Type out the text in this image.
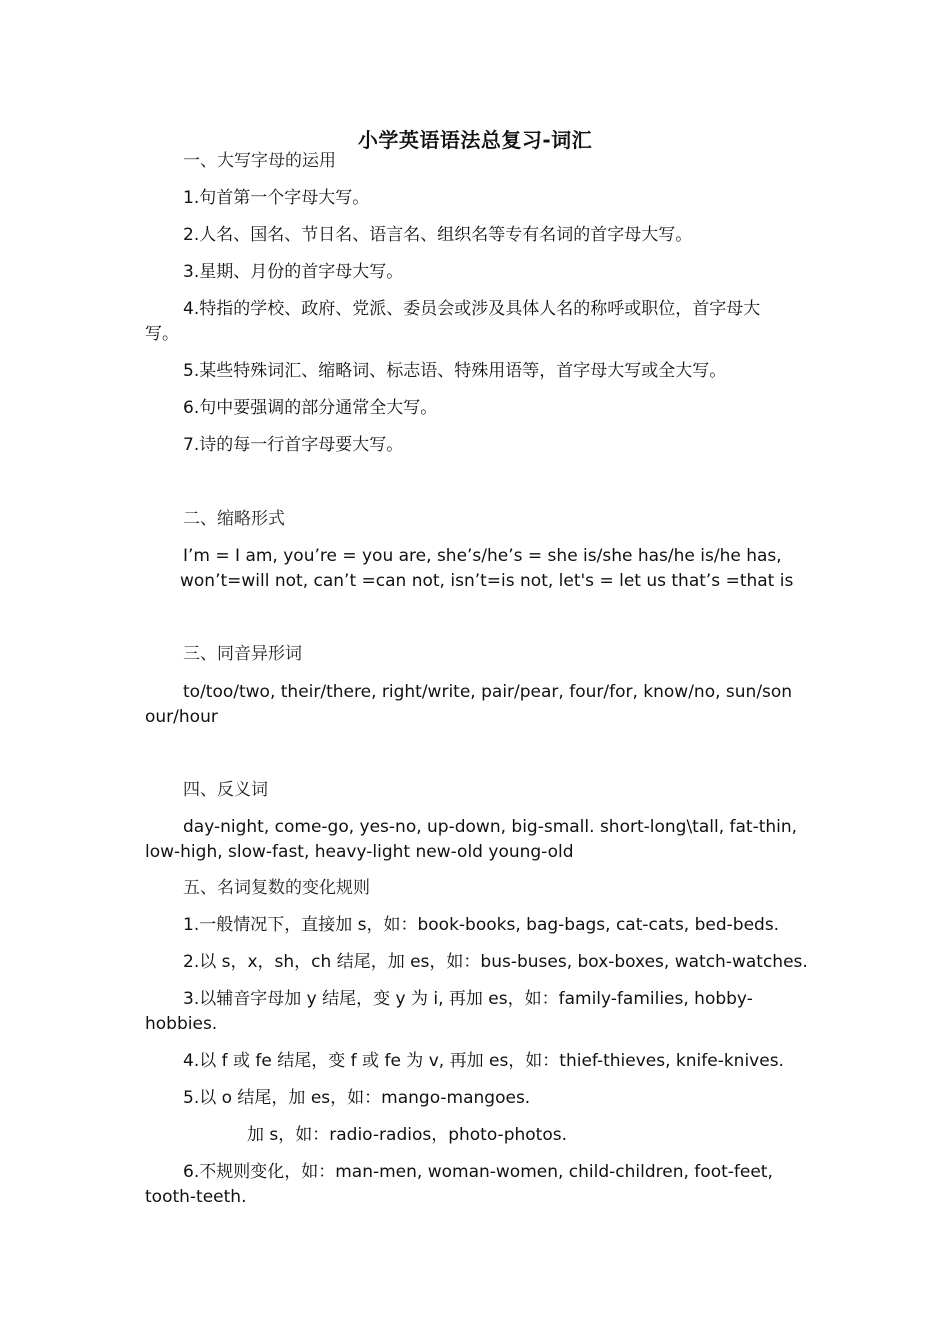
小学英语语法总复习-词汇
一、大写字母的运用
1.句首第一个字母大写。
2.人名、国名、节日名、语言名、组织名等专有名词的首字母大写。
3.星期、月份的首字母大写。
4.特指的学校、政府、党派、委员会或涉及具体人名的称呼或职位，首字母大
写。
5.某些特殊词汇、缩略词、标志语、特殊用语等，首字母大写或全大写。
6.句中要强调的部分通常全大写。
7.诗的每一行首字母要大写。
二、缩略形式
I’m = I am, you’re = you are, she’s/he’s = she is/she has/he is/he has,
won’t=will not, can’t =can not, isn’t=is not, let's = let us that’s =that is
三、同音异形词
to/too/two, their/there, right/write, pair/pear, four/for, know/no, sun/son
our/hour
四、反义词
day-night, come-go, yes-no, up-down, big-small. short-long\tall, fat-thin,
low-high, slow-fast, heavy-light new-old young-old
五、名词复数的变化规则
1.一般情况下，直接加 s，如：book-books, bag-bags, cat-cats, bed-beds.
2.以 s，x，sh，ch 结尾，加 es，如：bus-buses, box-boxes, watch-watches.
3.以辅音字母加 y 结尾，变 y 为 i, 再加 es，如：family-families, hobby-
hobbies.
4.以 f 或 fe 结尾，变 f 或 fe 为 v, 再加 es，如：thief-thieves, knife-knives.
5.以 o 结尾，加 es，如：mango-mangoes.
加 s，如：radio-radios，photo-photos.
6.不规则变化，如：man-men, woman-women, child-children, foot-feet,
tooth-teeth.
